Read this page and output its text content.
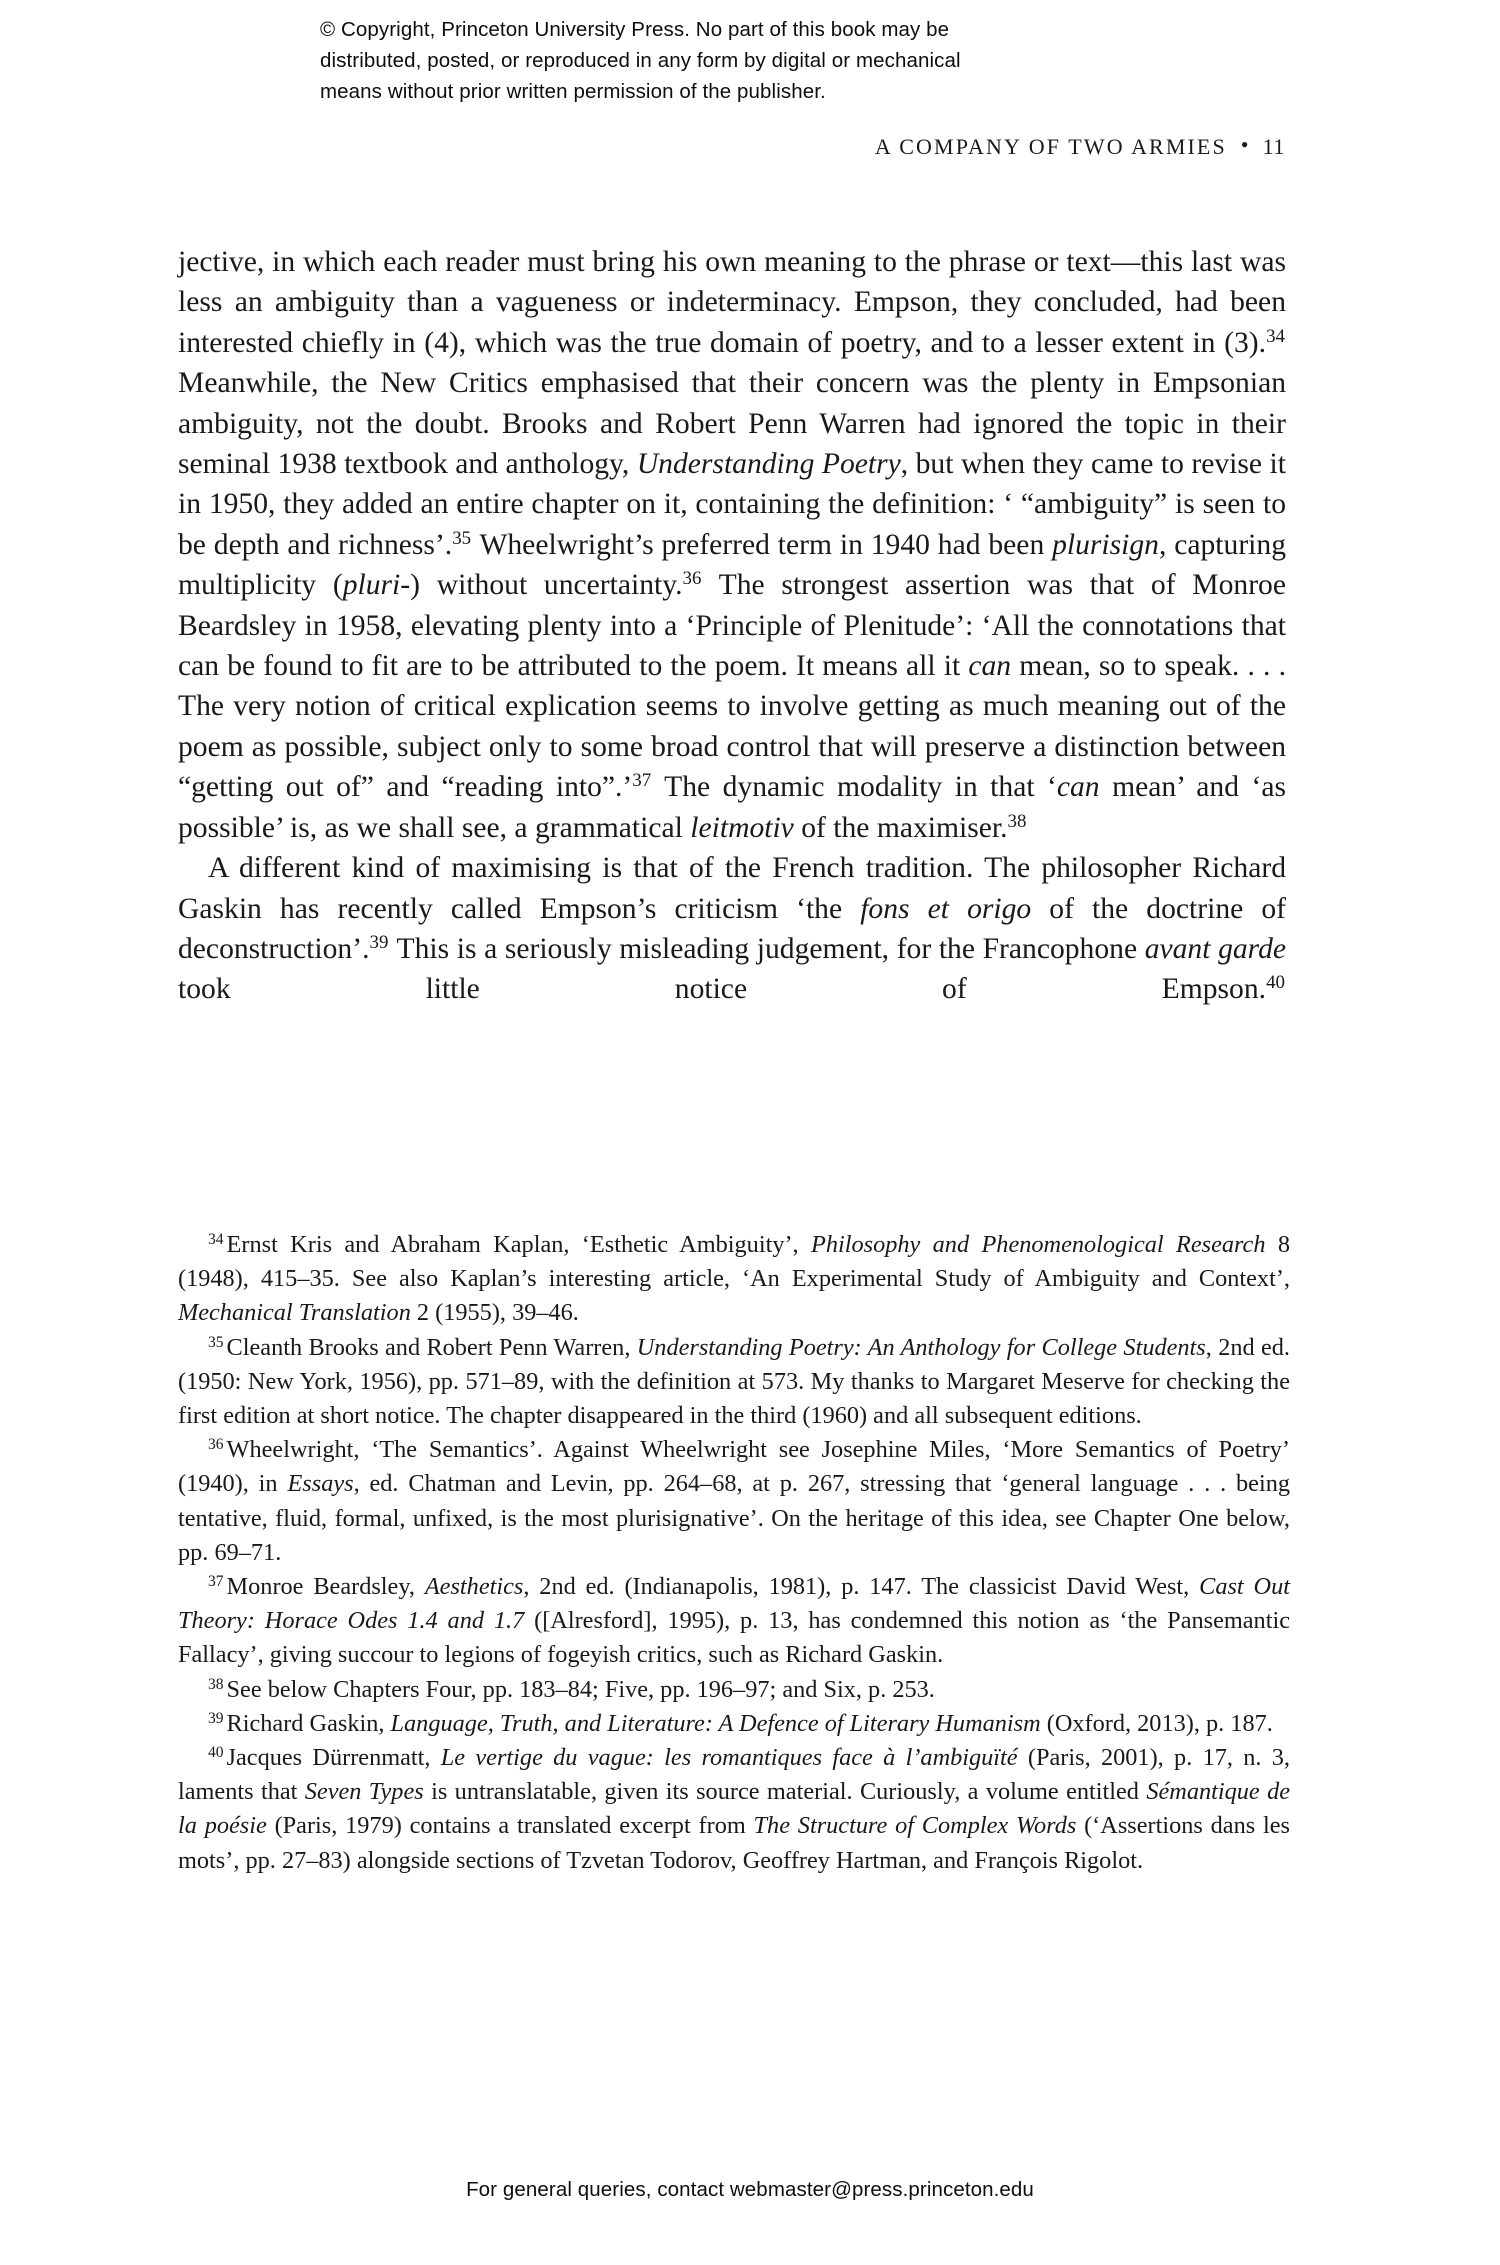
© Copyright, Princeton University Press. No part of this book may be distributed, posted, or reproduced in any form by digital or mechanical means without prior written permission of the publisher.
A COMPANY OF TWO ARMIES • 11

jective, in which each reader must bring his own meaning to the phrase or text—this last was less an ambiguity than a vagueness or indeterminacy. Empson, they concluded, had been interested chiefly in (4), which was the true domain of poetry, and to a lesser extent in (3).$^{34}$ Meanwhile, the New Critics emphasised that their concern was the plenty in Empsonian ambiguity, not the doubt. Brooks and Robert Penn Warren had ignored the topic in their seminal 1938 textbook and anthology, Understanding Poetry, but when they came to revise it in 1950, they added an entire chapter on it, containing the definition: ‘ “ambiguity” is seen to be depth and richness’.$^{35}$ Wheelwright’s preferred term in 1940 had been plurisign, capturing multiplicity (pluri-) without uncertainty.$^{36}$ The strongest assertion was that of Monroe Beardsley in 1958, elevating plenty into a ‘Principle of Plenitude’: ‘All the connotations that can be found to fit are to be attributed to the poem. It means all it can mean, so to speak. . . . The very notion of critical explication seems to involve getting as much meaning out of the poem as possible, subject only to some broad control that will preserve a distinction between “getting out of” and “reading into”.’$^{37}$ The dynamic modality in that ‘can mean’ and ‘as possible’ is, as we shall see, a grammatical leitmotiv of the maximiser.$^{38}$

A different kind of maximising is that of the French tradition. The philosopher Richard Gaskin has recently called Empson’s criticism ‘the fons et origo of the doctrine of deconstruction’.$^{39}$ This is a seriously misleading judgement, for the Francophone avant garde took little notice of Empson.$^{40}$

$^{34}$ Ernst Kris and Abraham Kaplan, ‘Esthetic Ambiguity’, Philosophy and Phenomenological Research 8 (1948), 415–35. See also Kaplan’s interesting article, ‘An Experimental Study of Ambiguity and Context’, Mechanical Translation 2 (1955), 39–46.

$^{35}$ Cleanth Brooks and Robert Penn Warren, Understanding Poetry: An Anthology for College Students, 2nd ed. (1950: New York, 1956), pp. 571–89, with the definition at 573. My thanks to Margaret Meserve for checking the first edition at short notice. The chapter disappeared in the third (1960) and all subsequent editions.

$^{36}$ Wheelwright, ‘The Semantics’. Against Wheelwright see Josephine Miles, ‘More Semantics of Poetry’ (1940), in Essays, ed. Chatman and Levin, pp. 264–68, at p. 267, stressing that ‘general language . . . being tentative, fluid, formal, unfixed, is the most plurisignative’. On the heritage of this idea, see Chapter One below, pp. 69–71.

$^{37}$ Monroe Beardsley, Aesthetics, 2nd ed. (Indianapolis, 1981), p. 147. The classicist David West, Cast Out Theory: Horace Odes 1.4 and 1.7 ([Alresford], 1995), p. 13, has condemned this notion as ‘the Pansemantic Fallacy’, giving succour to legions of fogeyish critics, such as Richard Gaskin.

$^{38}$ See below Chapters Four, pp. 183–84; Five, pp. 196–97; and Six, p. 253.

$^{39}$ Richard Gaskin, Language, Truth, and Literature: A Defence of Literary Humanism (Oxford, 2013), p. 187.

$^{40}$ Jacques Dürrenmatt, Le vertige du vague: les romantiques face à l’ambiguïté (Paris, 2001), p. 17, n. 3, laments that Seven Types is untranslatable, given its source material. Curiously, a volume entitled Sémantique de la poésie (Paris, 1979) contains a translated excerpt from The Structure of Complex Words (‘Assertions dans les mots’, pp. 27–83) alongside sections of Tzvetan Todorov, Geoffrey Hartman, and François Rigolot.

For general queries, contact webmaster@press.princeton.edu
